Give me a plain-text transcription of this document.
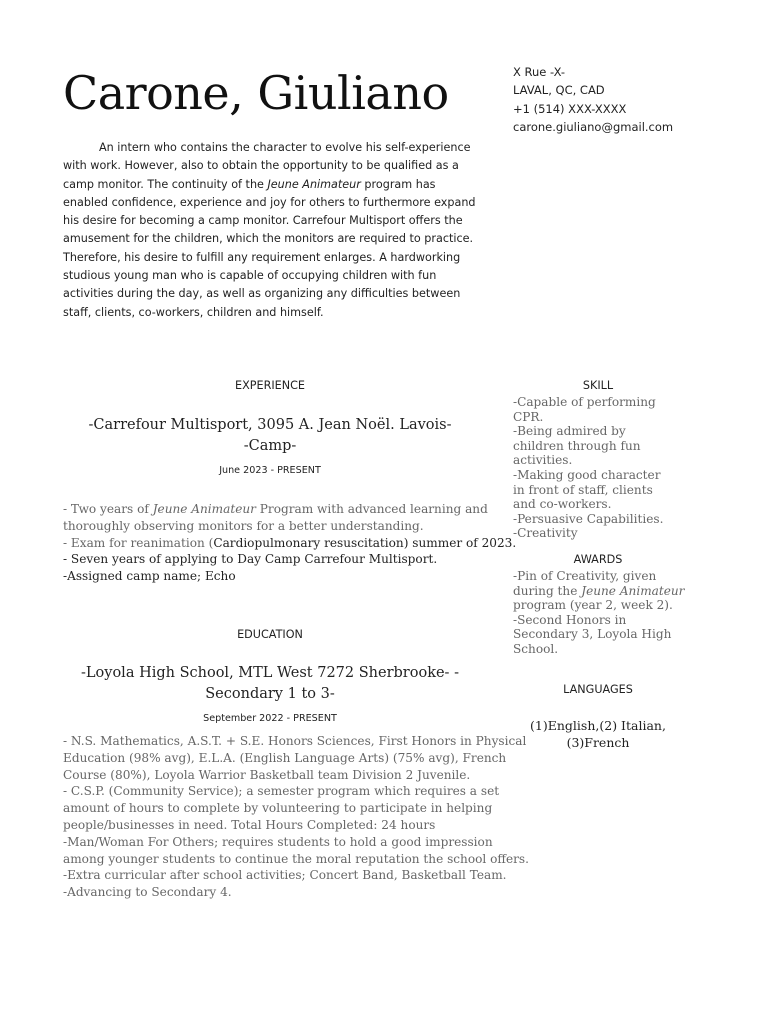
Carone, Giuliano	X Rue -X-
LAVAL, QC, CAD
+1 (514) XXX-XXXX
carone.giuliano@gmail.com

An intern who contains the character to evolve his self-experience with work. However, also to obtain the opportunity to be qualified as a camp monitor. The continuity of the Jeune Animateur program has enabled confidence, experience and joy for others to furthermore expand his desire for becoming a camp monitor. Carrefour Multisport offers the amusement for the children, which the monitors are required to practice. Therefore, his desire to fulfill any requirement enlarges. A hardworking studious young man who is capable of occupying children with fun activities during the day, as well as organizing any difficulties between staff, clients, co-workers, children and himself.

EXPERIENCE
-Carrefour Multisport, 3095 A. Jean Noël. Lavois-
-Camp-
June 2023 - PRESENT
- Two years of Jeune Animateur Program with advanced learning and
thoroughly observing monitors for a better understanding.
- Exam for reanimation (Cardiopulmonary resuscitation) summer of 2023.
- Seven years of applying to Day Camp Carrefour Multisport.
-Assigned camp name; Echo
EDUCATION
-Loyola High School, MTL West 7272 Sherbrooke- -
Secondary 1 to 3-
September 2022 - PRESENT
- N.S. Mathematics, A.S.T. + S.E. Honors Sciences, First Honors in Physical
Education (98% avg), E.L.A. (English Language Arts) (75% avg), French
Course (80%), Loyola Warrior Basketball team Division 2 Juvenile.
- C.S.P. (Community Service); a semester program which requires a set
amount of hours to complete by volunteering to participate in helping
people/businesses in need. Total Hours Completed: 24 hours
-Man/Woman For Others; requires students to hold a good impression
among younger students to continue the moral reputation the school offers.
-Extra curricular after school activities; Concert Band, Basketball Team.
-Advancing to Secondary 4.
SKILL
-Capable of performing CPR.
-Being admired by children through fun activities.
-Making good character in front of staff, clients and co-workers.
-Persuasive Capabilities.
-Creativity
AWARDS
-Pin of Creativity, given during the Jeune Animateur program (year 2, week 2).
-Second Honors in Secondary 3, Loyola High School.
LANGUAGES
(1)English,(2) Italian,
(3)French
